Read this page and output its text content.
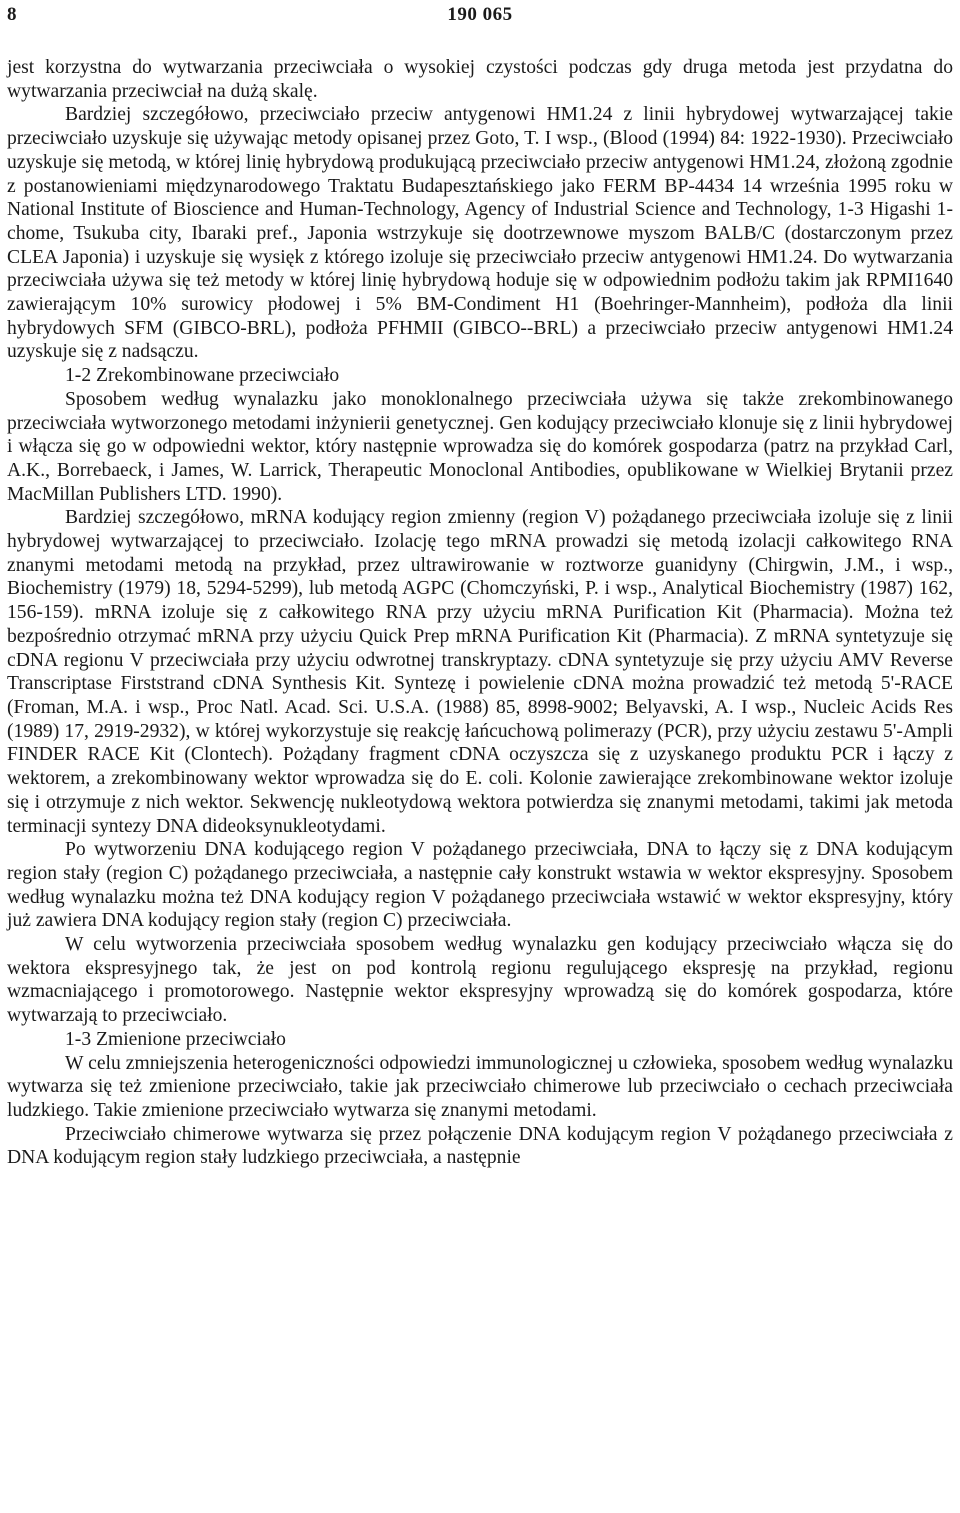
8	190 065

jest korzystna do wytwarzania przeciwciała o wysokiej czystości podczas gdy druga metoda jest przydatna do wytwarzania przeciwciał na dużą skalę.

Bardziej szczegółowo, przeciwciało przeciw antygenowi HM1.24 z linii hybrydowej wytwarzającej takie przeciwciało uzyskuje się używając metody opisanej przez Goto, T. I wsp., (Blood (1994) 84: 1922-1930). Przeciwciało uzyskuje się metodą, w której linię hybrydową produkującą przeciwciało przeciw antygenowi HM1.24, złożoną zgodnie z postanowieniami międzynarodowego Traktatu Budapesztańskiego jako FERM BP-4434 14 września 1995 roku w National Institute of Bioscience and Human-Technology, Agency of Industrial Science and Technology, 1-3 Higashi 1-chome, Tsukuba city, Ibaraki pref., Japonia wstrzykuje się dootrzewnowe myszom BALB/C (dostarczonym przez CLEA Japonia) i uzyskuje się wysięk z którego izoluje się przeciwciało przeciw antygenowi HM1.24. Do wytwarzania przeciwciała używa się też metody w której linię hybrydową hoduje się w odpowiednim podłożu takim jak RPMI1640 zawierającym 10% surowicy płodowej i 5% BM-Condiment H1 (Boehringer-Mannheim), podłoża dla linii hybrydowych SFM (GIBCO-BRL), podłoża PFHMII (GIBCO--BRL) a przeciwciało przeciw antygenowi HM1.24 uzyskuje się z nadsączu.

1-2 Zrekombinowane przeciwciało

Sposobem według wynalazku jako monoklonalnego przeciwciała używa się także zrekombinowanego przeciwciała wytworzonego metodami inżynierii genetycznej. Gen kodujący przeciwciało klonuje się z linii hybrydowej i włącza się go w odpowiedni wektor, który następnie wprowadza się do komórek gospodarza (patrz na przykład Carl, A.K., Borrebaeck, i James, W. Larrick, Therapeutic Monoclonal Antibodies, opublikowane w Wielkiej Brytanii przez MacMillan Publishers LTD. 1990).

Bardziej szczegółowo, mRNA kodujący region zmienny (region V) pożądanego przeciwciała izoluje się z linii hybrydowej wytwarzającej to przeciwciało. Izolację tego mRNA prowadzi się metodą izolacji całkowitego RNA znanymi metodami metodą na przykład, przez ultrawirowanie w roztworze guanidyny (Chirgwin, J.M., i wsp., Biochemistry (1979) 18, 5294-5299), lub metodą AGPC (Chomczyński, P. i wsp., Analytical Biochemistry (1987) 162, 156-159). mRNA izoluje się z całkowitego RNA przy użyciu mRNA Purification Kit (Pharmacia). Można też bezpośrednio otrzymać mRNA przy użyciu Quick Prep mRNA Purification Kit (Pharmacia). Z mRNA syntetyzuje się cDNA regionu V przeciwciała przy użyciu odwrotnej transkryptazy. cDNA syntetyzuje się przy użyciu AMV Reverse Transcriptase Firststrand cDNA Synthesis Kit. Syntezę i powielenie cDNA można prowadzić też metodą 5'-RACE (Froman, M.A. i wsp., Proc Natl. Acad. Sci. U.S.A. (1988) 85, 8998-9002; Belyavski, A. I wsp., Nucleic Acids Res (1989) 17, 2919-2932), w której wykorzystuje się reakcję łańcuchową polimerazy (PCR), przy użyciu zestawu 5'-Ampli FINDER RACE Kit (Clontech). Pożądany fragment cDNA oczyszcza się z uzyskanego produktu PCR i łączy z wektorem, a zrekombinowany wektor wprowadza się do E. coli. Kolonie zawierające zrekombinowane wektor izoluje się i otrzymuje z nich wektor. Sekwencję nukleotydową wektora potwierdza się znanymi metodami, takimi jak metoda terminacji syntezy DNA dideoksynukleotydami.

Po wytworzeniu DNA kodującego region V pożądanego przeciwciała, DNA to łączy się z DNA kodującym region stały (region C) pożądanego przeciwciała, a następnie cały konstrukt wstawia w wektor ekspresyjny. Sposobem według wynalazku można też DNA kodujący region V pożądanego przeciwciała wstawić w wektor ekspresyjny, który już zawiera DNA kodujący region stały (region C) przeciwciała.

W celu wytworzenia przeciwciała sposobem według wynalazku gen kodujący przeciwciało włącza się do wektora ekspresyjnego tak, że jest on pod kontrolą regionu regulującego ekspresję na przykład, regionu wzmacniającego i promotorowego. Następnie wektor ekspresyjny wprowadzą się do komórek gospodarza, które wytwarzają to przeciwciało.

1-3 Zmienione przeciwciało

W celu zmniejszenia heterogeniczności odpowiedzi immunologicznej u człowieka, sposobem według wynalazku wytwarza się też zmienione przeciwciało, takie jak przeciwciało chimerowe lub przeciwciało o cechach przeciwciała ludzkiego. Takie zmienione przeciwciało wytwarza się znanymi metodami.

Przeciwciało chimerowe wytwarza się przez połączenie DNA kodującym region V pożądanego przeciwciała z DNA kodującym region stały ludzkiego przeciwciała, a następnie
